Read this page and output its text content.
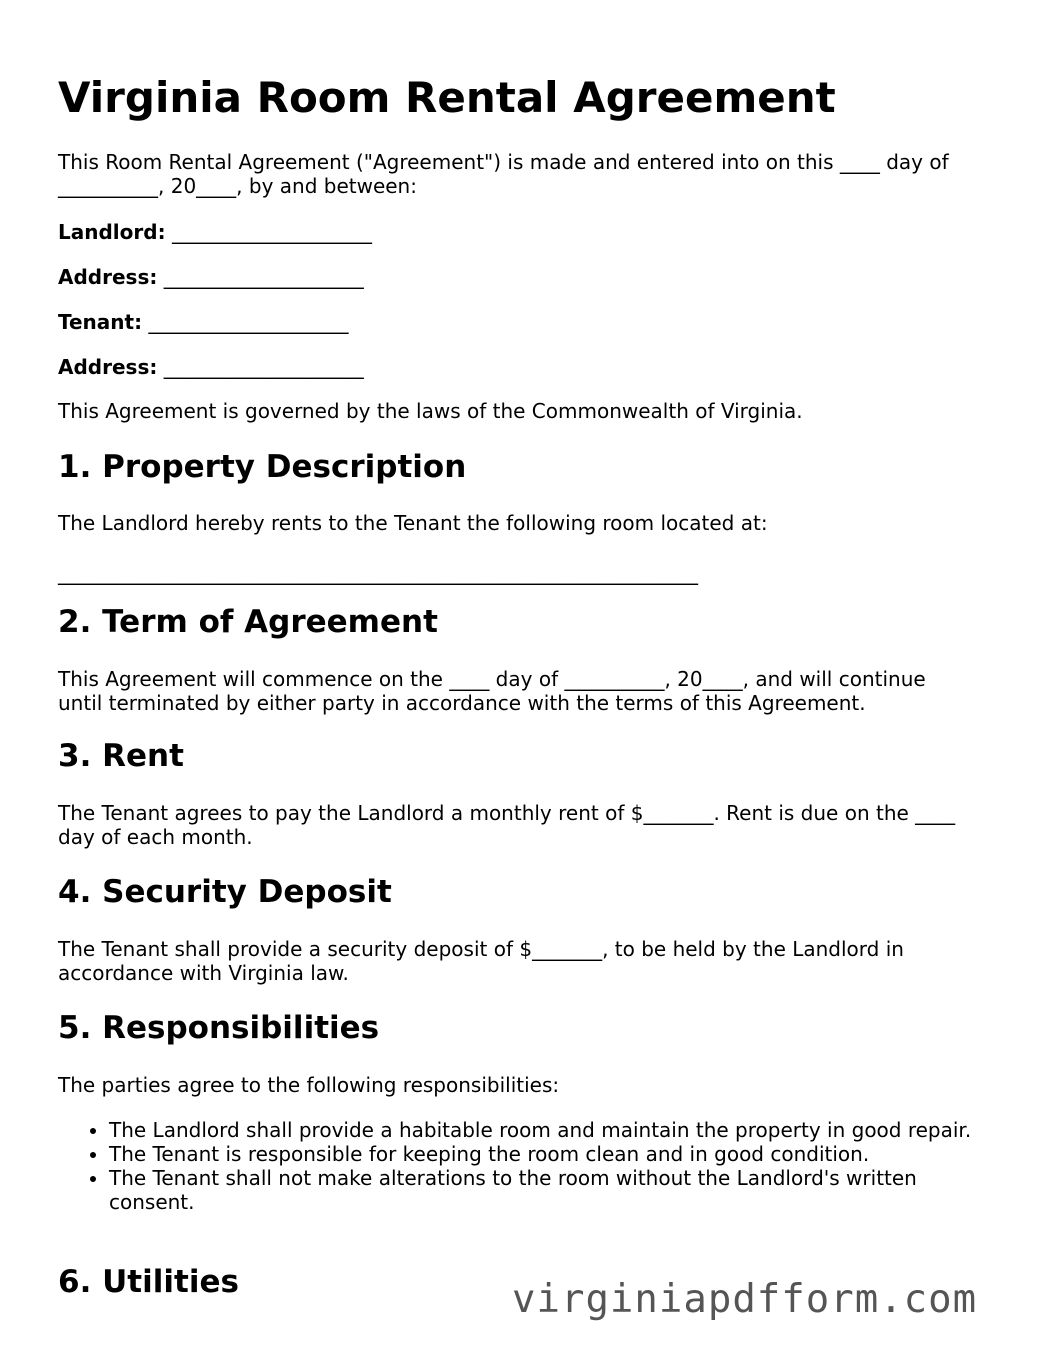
Virginia Room Rental Agreement

This Room Rental Agreement ("Agreement") is made and entered into on this ____ day of __________, 20____, by and between:

Landlord: ____________________
Address: ____________________
Tenant: ____________________
Address: ____________________

This Agreement is governed by the laws of the Commonwealth of Virginia.

1. Property Description

The Landlord hereby rents to the Tenant the following room located at:

________________________________________________________________

2. Term of Agreement

This Agreement will commence on the ____ day of __________, 20____, and will continue until terminated by either party in accordance with the terms of this Agreement.

3. Rent

The Tenant agrees to pay the Landlord a monthly rent of $_______. Rent is due on the ____ day of each month.

4. Security Deposit

The Tenant shall provide a security deposit of $_______, to be held by the Landlord in accordance with Virginia law.

5. Responsibilities

The parties agree to the following responsibilities:

• The Landlord shall provide a habitable room and maintain the property in good repair.
• The Tenant is responsible for keeping the room clean and in good condition.
• The Tenant shall not make alterations to the room without the Landlord's written consent.
6. Utilities	virginiapdfform.com
